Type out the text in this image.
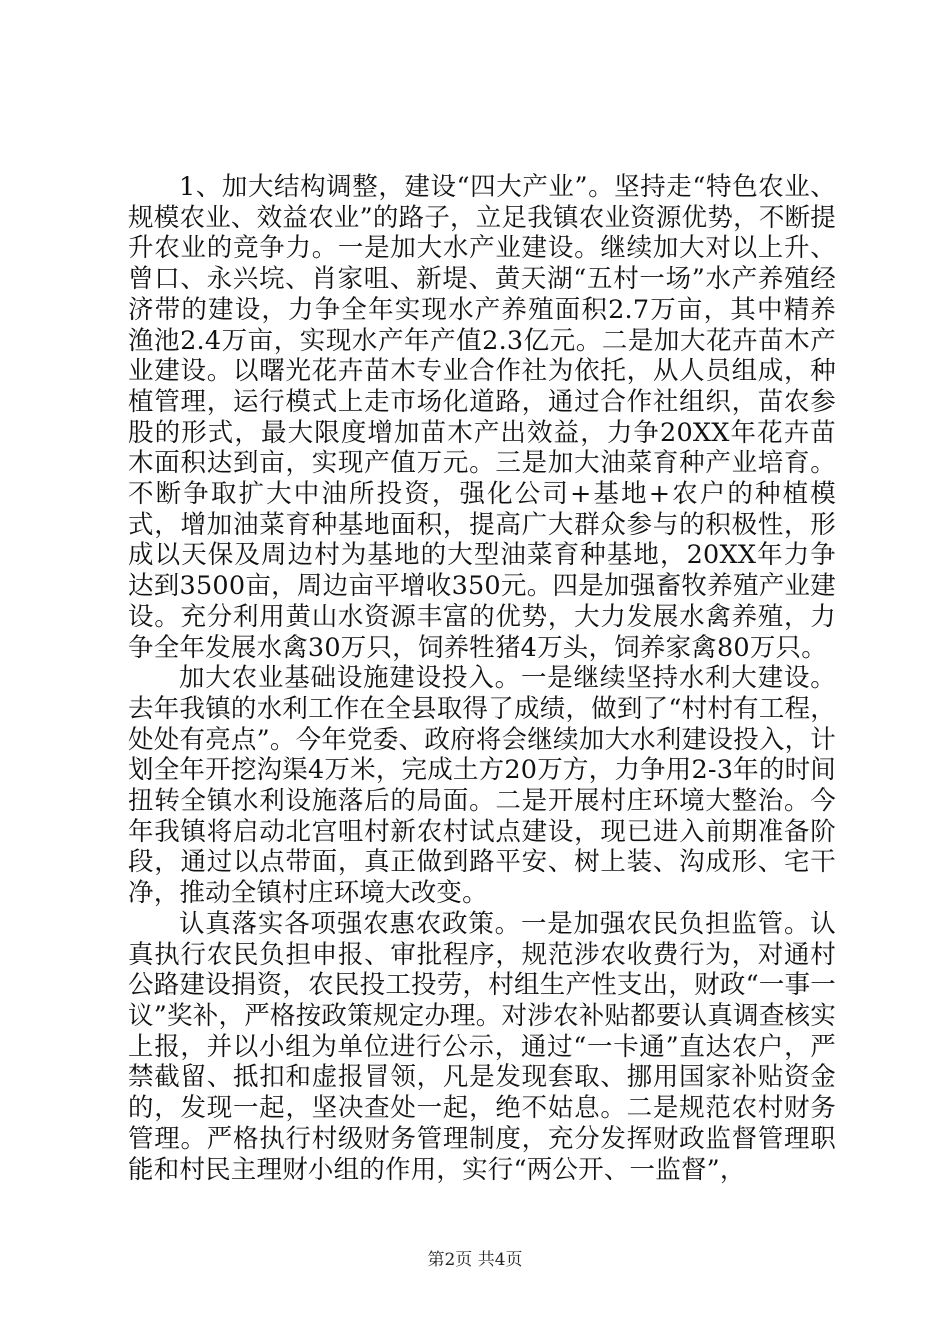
1、加大结构调整，建设“四大产业”。坚持走“特色农业、规模农业、效益农业”的路子，立足我镇农业资源优势，不断提升农业的竞争力。一是加大水产业建设。继续加大对以上升、曾口、永兴垸、肖家咀、新堤、黄天湖“五村一场”水产养殖经济带的建设，力争全年实现水产养殖面积2.7万亩，其中精养渔池2.4万亩，实现水产年产值2.3亿元。二是加大花卉苗木产业建设。以曙光花卉苗木专业合作社为依托，从人员组成，种植管理，运行模式上走市场化道路，通过合作社组织，苗农参股的形式，最大限度增加苗木产出效益，力争20XX年花卉苗木面积达到亩，实现产值万元。三是加大油菜育种产业培育。不断争取扩大中油所投资，强化公司+基地+农户的种植模式，增加油菜育种基地面积，提高广大群众参与的积极性，形成以天保及周边村为基地的大型油菜育种基地，20XX年力争达到3500亩，周边亩平增收350元。四是加强畜牧养殖产业建设。充分利用黄山水资源丰富的优势，大力发展水禽养殖，力争全年发展水禽30万只，饲养牲猪4万头，饲养家禽80万只。

加大农业基础设施建设投入。一是继续坚持水利大建设。去年我镇的水利工作在全县取得了成绩，做到了“村村有工程，处处有亮点”。今年党委、政府将会继续加大水利建设投入，计划全年开挖沟渠4万米，完成土方20万方，力争用2-3年的时间扭转全镇水利设施落后的局面。二是开展村庄环境大整治。今年我镇将启动北宫咀村新农村试点建设，现已进入前期准备阶段，通过以点带面，真正做到路平安、树上装、沟成形、宅干净，推动全镇村庄环境大改变。

认真落实各项强农惠农政策。一是加强农民负担监管。认真执行农民负担申报、审批程序，规范涉农收费行为，对通村公路建设捐资，农民投工投劳，村组生产性支出，财政“一事一议”奖补，严格按政策规定办理。对涉农补贴都要认真调查核实上报，并以小组为单位进行公示，通过“一卡通”直达农户，严禁截留、抵扣和虚报冒领，凡是发现套取、挪用国家补贴资金的，发现一起，坚决查处一起，绝不姑息。二是规范农村财务管理。严格执行村级财务管理制度，充分发挥财政监督管理职能和村民主理财小组的作用，实行“两公开、一监督”，

第2页 共4页
